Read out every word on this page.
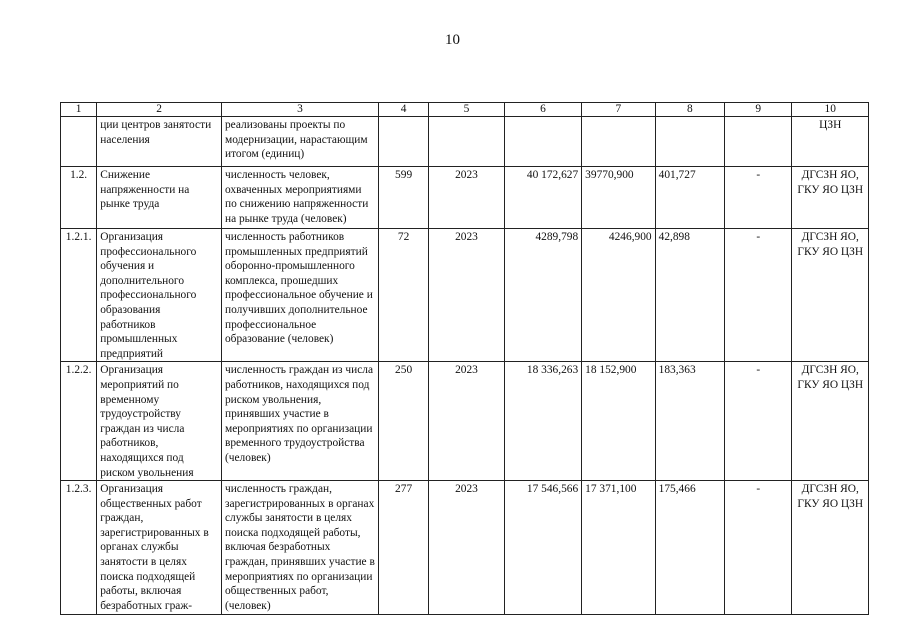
10
1	2	3	4	5	6	7	8	9	10
	ции центров занятости населения	реализованы проекты по модернизации, нарастающим итогом (единиц)							ЦЗН
1.2.	Снижение напряженности на рынке труда	численность человек, охваченных мероприятиями по снижению напряженности на рынке труда (человек)	599	2023	40 172,627	39770,900	401,727	-	ДГСЗН ЯО, ГКУ ЯО ЦЗН
1.2.1.	Организация профессионального обучения и дополнительного профессионального образования работников промышленных предприятий	численность работников промышленных предприятий оборонно-промышленного комплекса, прошедших профессиональное обучение и получивших дополнительное профессиональное образование (человек)	72	2023	4289,798	4246,900	42,898	-	ДГСЗН ЯО, ГКУ ЯО ЦЗН
1.2.2.	Организация мероприятий по временному трудоустройству граждан из числа работников, находящихся под риском увольнения	численность граждан из числа работников, находящихся под риском увольнения, принявших участие в мероприятиях по организации временного трудоустройства (человек)	250	2023	18 336,263	18 152,900	183,363	-	ДГСЗН ЯО, ГКУ ЯО ЦЗН
1.2.3.	Организация общественных работ граждан, зарегистрированных в органах службы занятости в целях поиска подходящей работы, включая безработных граж-	численность граждан, зарегистрированных в органах службы занятости в целях поиска подходящей работы, включая безработных граждан, принявших участие в мероприятиях по организации общественных работ, (человек)	277	2023	17 546,566	17 371,100	175,466	-	ДГСЗН ЯО, ГКУ ЯО ЦЗН
